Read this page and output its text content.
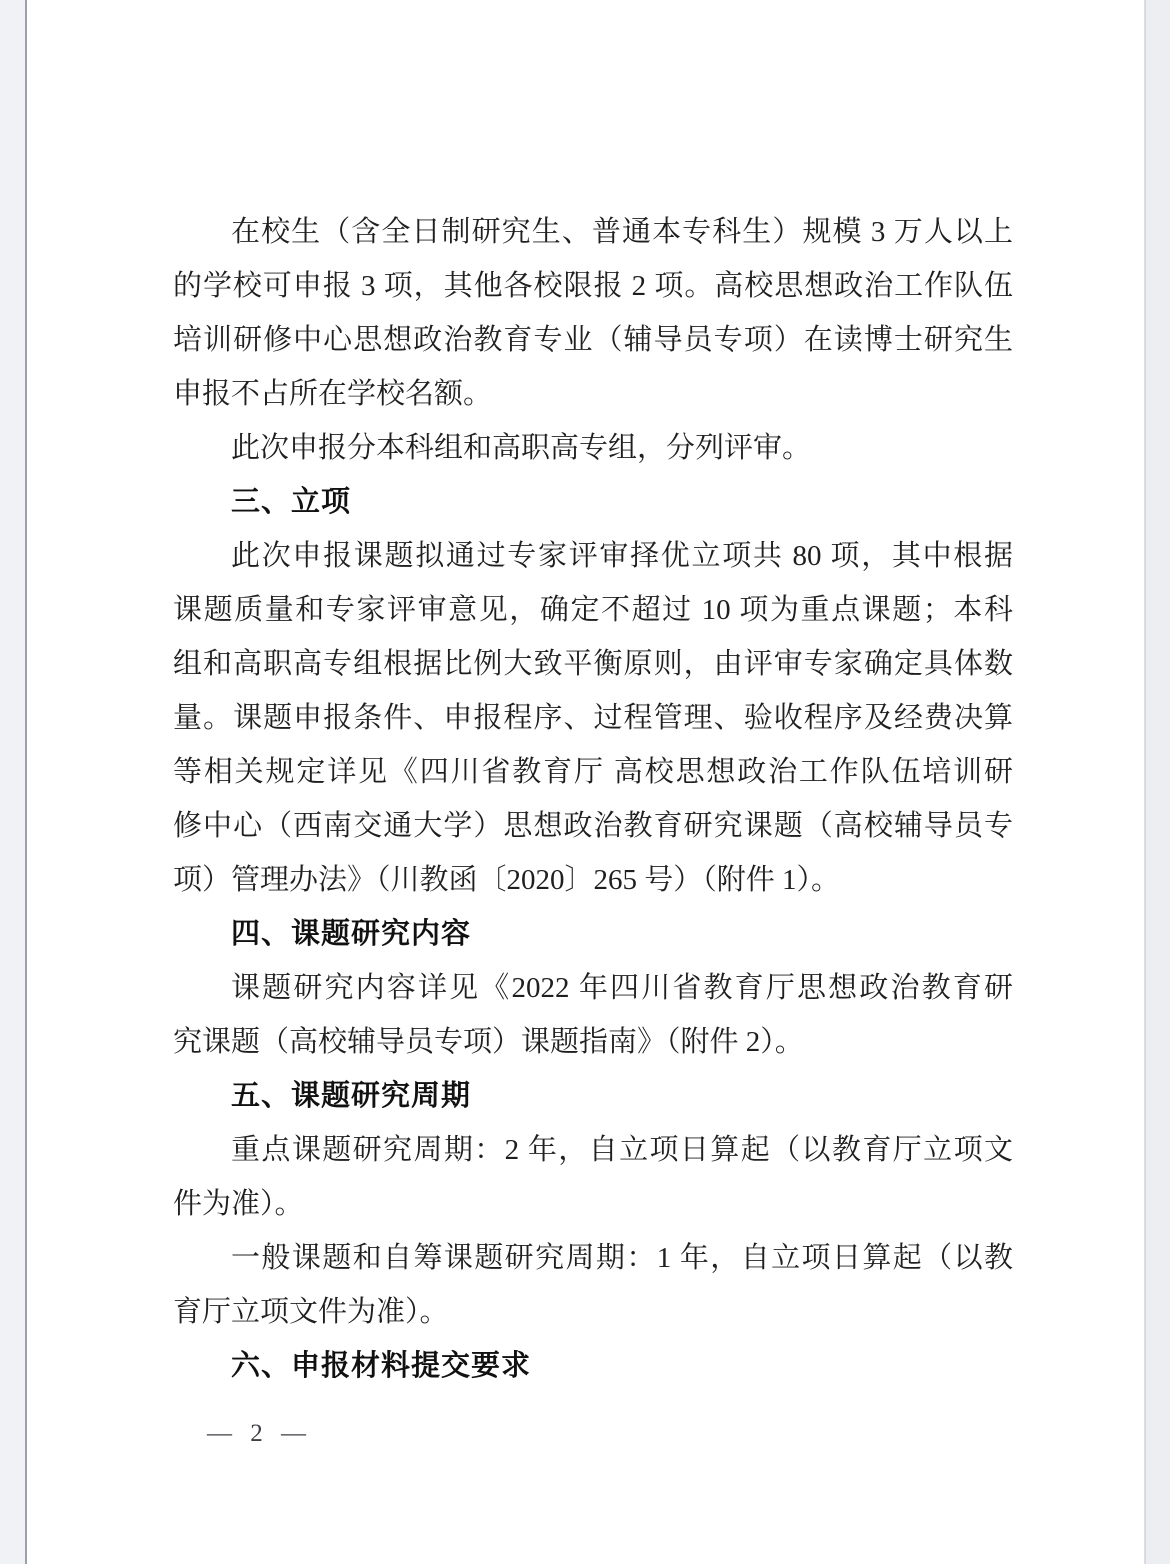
在校生（含全日制研究生、普通本专科生）规模 3 万人以上
的学校可申报 3 项，其他各校限报 2 项。高校思想政治工作队伍
培训研修中心思想政治教育专业（辅导员专项）在读博士研究生
申报不占所在学校名额。
此次申报分本科组和高职高专组，分列评审。
三、立项
此次申报课题拟通过专家评审择优立项共 80 项，其中根据
课题质量和专家评审意见，确定不超过 10 项为重点课题；本科
组和高职高专组根据比例大致平衡原则，由评审专家确定具体数
量。课题申报条件、申报程序、过程管理、验收程序及经费决算
等相关规定详见《四川省教育厅 高校思想政治工作队伍培训研
修中心（西南交通大学）思想政治教育研究课题（高校辅导员专
项）管理办法》（川教函〔2020〕265 号）（附件 1）。
四、课题研究内容
课题研究内容详见《2022 年四川省教育厅思想政治教育研
究课题（高校辅导员专项）课题指南》（附件 2）。
五、课题研究周期
重点课题研究周期：2 年，自立项日算起（以教育厅立项文
件为准）。
一般课题和自筹课题研究周期：1 年，自立项日算起（以教
育厅立项文件为准）。
六、申报材料提交要求
— 2 —
